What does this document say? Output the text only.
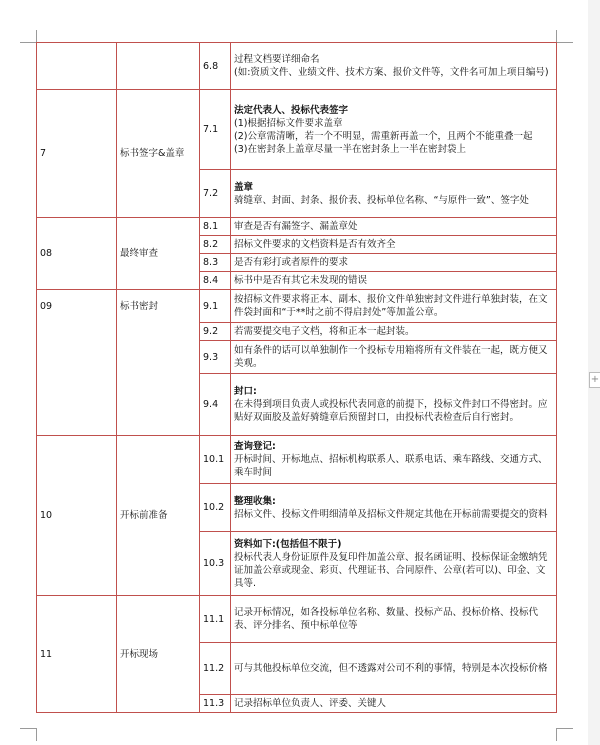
		6.8	过程文档要详细命名
(如:资质文件、业绩文件、技术方案、报价文件等，文件名可加上项目编号)

7	标书签字&盖章	7.1	法定代表人、投标代表签字
(1)根据招标文件要求盖章
(2)公章需清晰，若一个不明显，需重新再盖一个，且两个不能重叠一起
(3)在密封条上盖章尽量一半在密封条上一半在密封袋上

		7.2	盖章
骑缝章、封面、封条、报价表、投标单位名称、“与原件一致”、签字处

08	最终审查	8.1	审查是否有漏签字、漏盖章处

		8.2	招标文件要求的文档资料是否有效齐全

		8.3	是否有彩打或者原件的要求

		8.4	标书中是否有其它未发现的错误

09	标书密封	9.1	按招标文件要求将正本、副本、报价文件单独密封文件进行单独封装，在文件袋封面和“于**时之前不得启封处”等加盖公章。

		9.2	若需要提交电子文档，将和正本一起封装。

		9.3	如有条件的话可以单独制作一个投标专用箱将所有文件装在一起，既方便又美观。

		9.4	封口:
在未得到项目负责人或投标代表同意的前提下，投标文件封口不得密封。应贴好双面胶及盖好骑缝章后预留封口，由投标代表检查后自行密封。

10	开标前准备	10.1	查询登记:
开标时间、开标地点、招标机构联系人、联系电话、乘车路线、交通方式、乘车时间

		10.2	整理收集:
招标文件、投标文件明细清单及招标文件规定其他在开标前需要提交的资料

		10.3	资料如下:(包括但不限于)
投标代表人身份证原件及复印件加盖公章、报名函证明、投标保证金缴纳凭证加盖公章或现金、彩页、代理证书、合同原件、公章(若可以)、印金、文具等.

11	开标现场	11.1	记录开标情况，如各投标单位名称、数量、投标产品、投标价格、投标代表、评分排名、预中标单位等

		11.2	可与其他投标单位交流，但不透露对公司不利的事情，特别是本次投标价格

		11.3	记录招标单位负责人、评委、关键人
+
